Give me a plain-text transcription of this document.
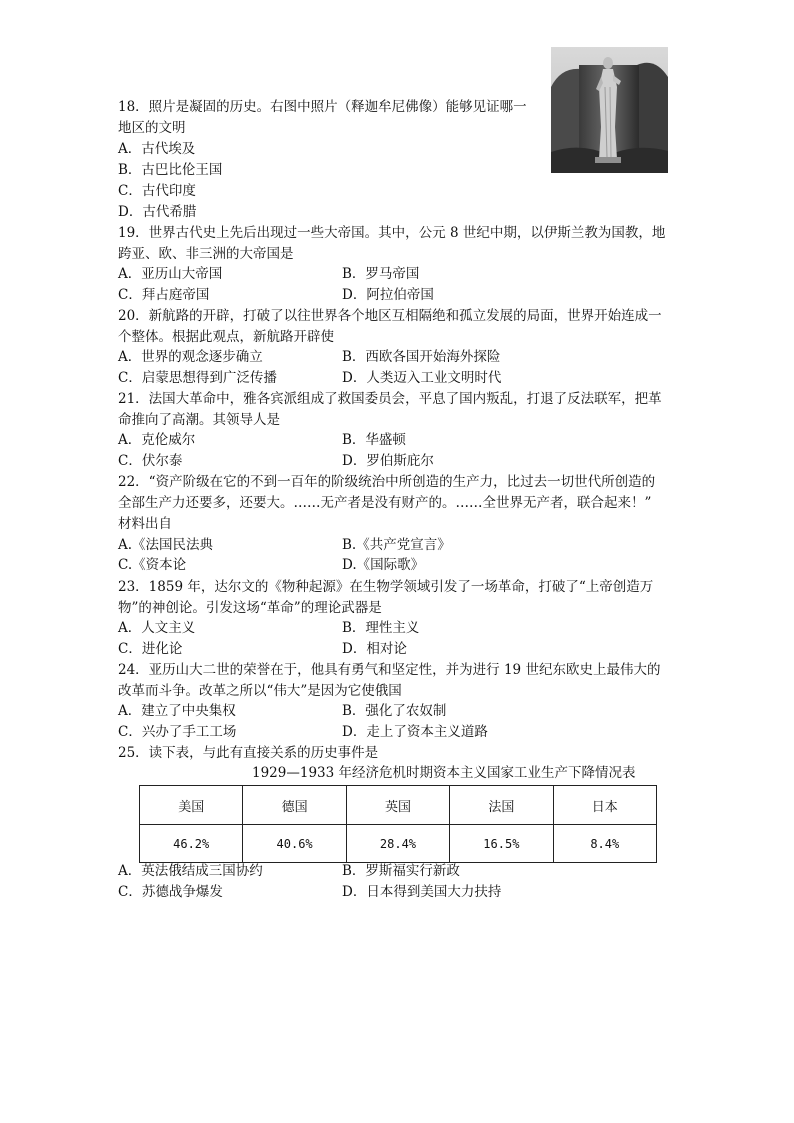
18．照片是凝固的历史。右图中照片（释迦牟尼佛像）能够见证哪一
地区的文明
A．古代埃及
B．古巴比伦王国
C．古代印度
D．古代希腊
19．世界古代史上先后出现过一些大帝国。其中，公元 8 世纪中期，以伊斯兰教为国教，地
跨亚、欧、非三洲的大帝国是
A．亚历山大帝国	B．罗马帝国
C．拜占庭帝国	D．阿拉伯帝国
20．新航路的开辟，打破了以往世界各个地区互相隔绝和孤立发展的局面，世界开始连成一
个整体。根据此观点，新航路开辟使
A．世界的观念逐步确立	B．西欧各国开始海外探险
C．启蒙思想得到广泛传播	D．人类迈入工业文明时代
21．法国大革命中，雅各宾派组成了救国委员会，平息了国内叛乱，打退了反法联军，把革
命推向了高潮。其领导人是
A．克伦威尔	B．华盛顿
C．伏尔泰	D．罗伯斯庇尔
22．“资产阶级在它的不到一百年的阶级统治中所创造的生产力，比过去一切世代所创造的
全部生产力还要多，还要大。……无产者是没有财产的。……全世界无产者，联合起来！”
材料出自
A.《法国民法典	B.《共产党宣言》
C.《资本论	D.《国际歌》
23．1859 年，达尔文的《物种起源》在生物学领域引发了一场革命，打破了“上帝创造万
物”的神创论。引发这场“革命”的理论武器是
A．人文主义	B．理性主义
C．进化论	D．相对论
24．亚历山大二世的荣誉在于，他具有勇气和坚定性，并为进行 19 世纪东欧史上最伟大的
改革而斗争。改革之所以“伟大”是因为它使俄国
A．建立了中央集权	B．强化了农奴制
C．兴办了手工工场	D．走上了资本主义道路
25．读下表，与此有直接关系的历史事件是
1929—1933 年经济危机时期资本主义国家工业生产下降情况表
美国	德国	英国	法国	日本
46.2%	40.6%	28.4%	16.5%	8.4%
A．英法俄结成三国协约	B．罗斯福实行新政
C．苏德战争爆发	D．日本得到美国大力扶持
